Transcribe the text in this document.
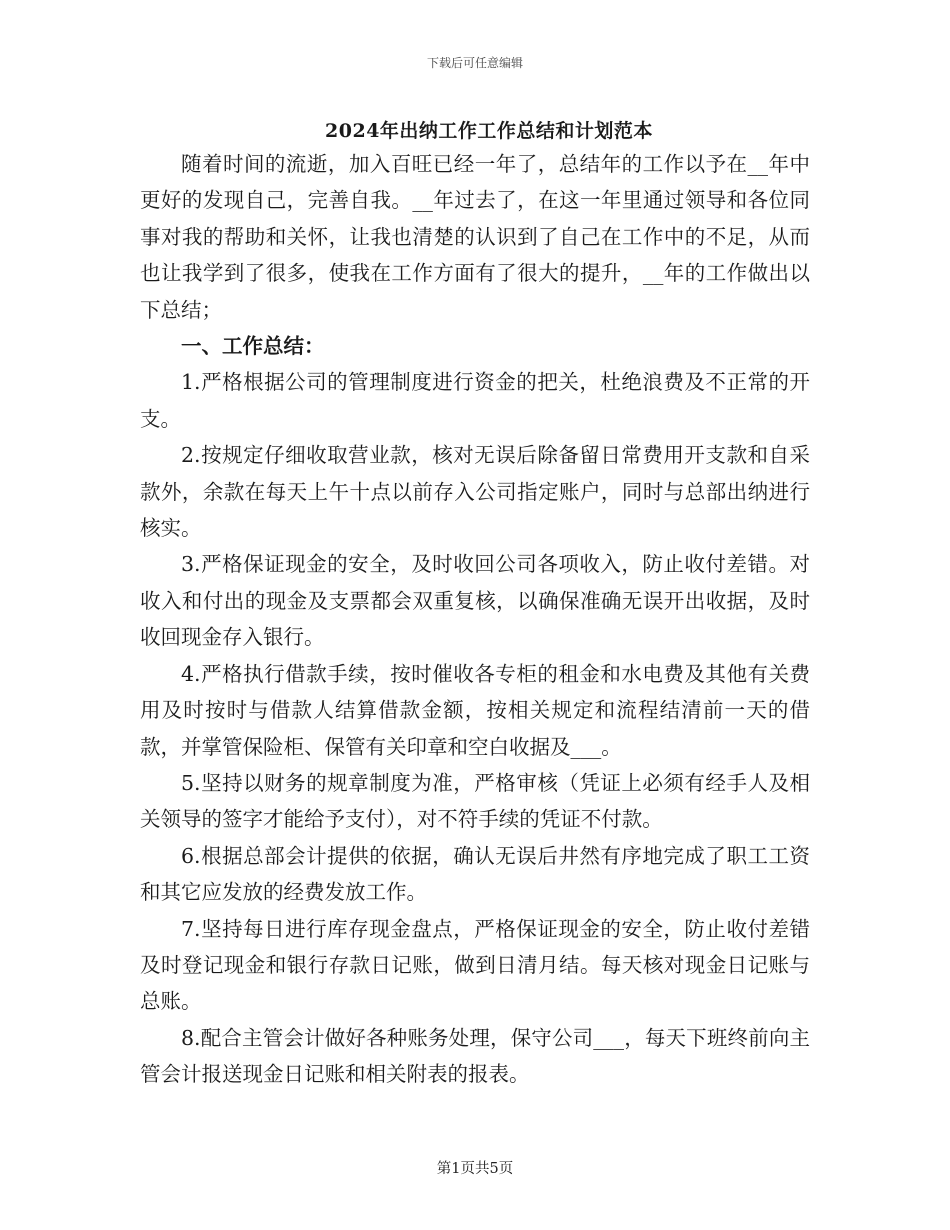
下载后可任意编辑
2024年出纳工作工作总结和计划范本

随着时间的流逝，加入百旺已经一年了，总结年的工作以予在__年中更好的发现自己，完善自我。__年过去了，在这一年里通过领导和各位同事对我的帮助和关怀，让我也清楚的认识到了自己在工作中的不足，从而也让我学到了很多，使我在工作方面有了很大的提升，__年的工作做出以下总结；

一、工作总结：

1.严格根据公司的管理制度进行资金的把关，杜绝浪费及不正常的开支。

2.按规定仔细收取营业款，核对无误后除备留日常费用开支款和自采款外，余款在每天上午十点以前存入公司指定账户，同时与总部出纳进行核实。

3.严格保证现金的安全，及时收回公司各项收入，防止收付差错。对收入和付出的现金及支票都会双重复核，以确保准确无误开出收据，及时收回现金存入银行。

4.严格执行借款手续，按时催收各专柜的租金和水电费及其他有关费用及时按时与借款人结算借款金额，按相关规定和流程结清前一天的借款，并掌管保险柜、保管有关印章和空白收据及___。

5.坚持以财务的规章制度为准，严格审核（凭证上必须有经手人及相关领导的签字才能给予支付），对不符手续的凭证不付款。

6.根据总部会计提供的依据，确认无误后井然有序地完成了职工工资和其它应发放的经费发放工作。

7.坚持每日进行库存现金盘点，严格保证现金的安全，防止收付差错及时登记现金和银行存款日记账，做到日清月结。每天核对现金日记账与总账。

8.配合主管会计做好各种账务处理，保守公司___，每天下班终前向主管会计报送现金日记账和相关附表的报表。

第1页共5页
